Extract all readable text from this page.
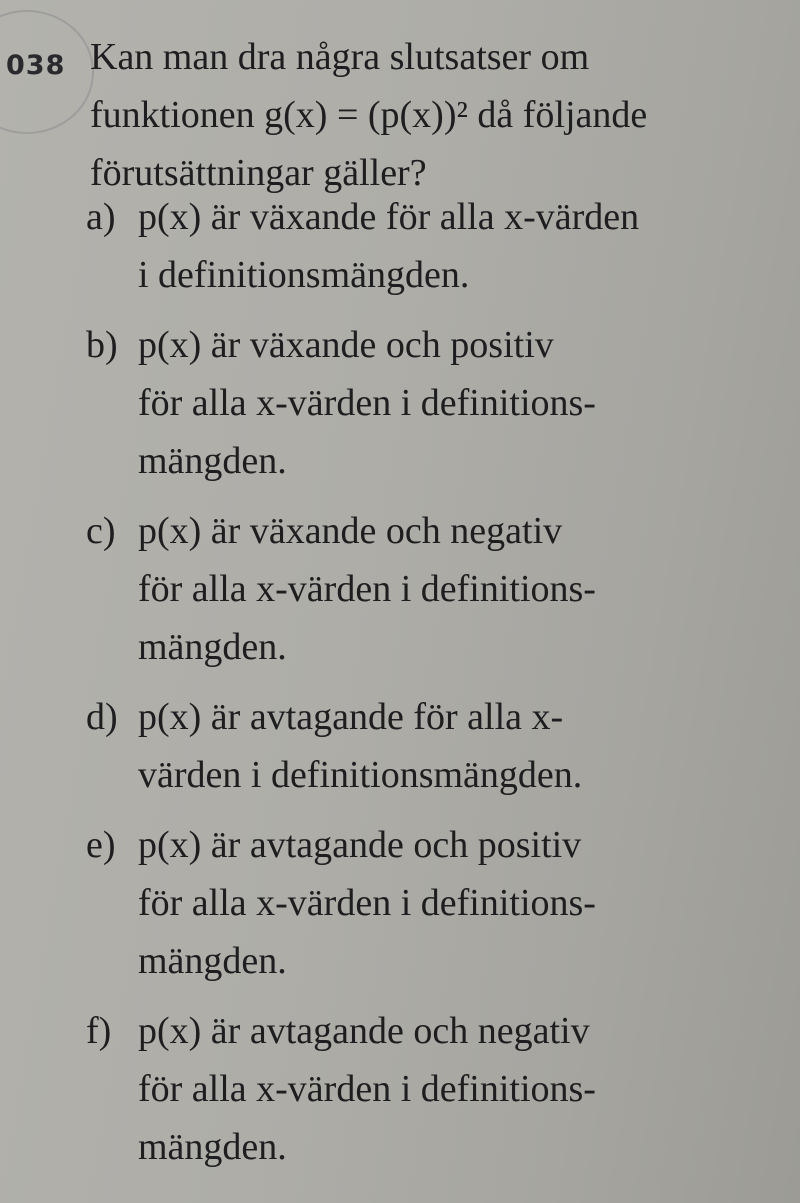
038 Kan man dra några slutsatser om
funktionen g(x) = (p(x))² då följande
förutsättningar gäller?
a) p(x) är växande för alla x-värden
i definitionsmängden.
b) p(x) är växande och positiv
för alla x-värden i definitions-
mängden.
c) p(x) är växande och negativ
för alla x-värden i definitions-
mängden.
d) p(x) är avtagande för alla x-
värden i definitionsmängden.
e) p(x) är avtagande och positiv
för alla x-värden i definitions-
mängden.
f) p(x) är avtagande och negativ
för alla x-värden i definitions-
mängden.
